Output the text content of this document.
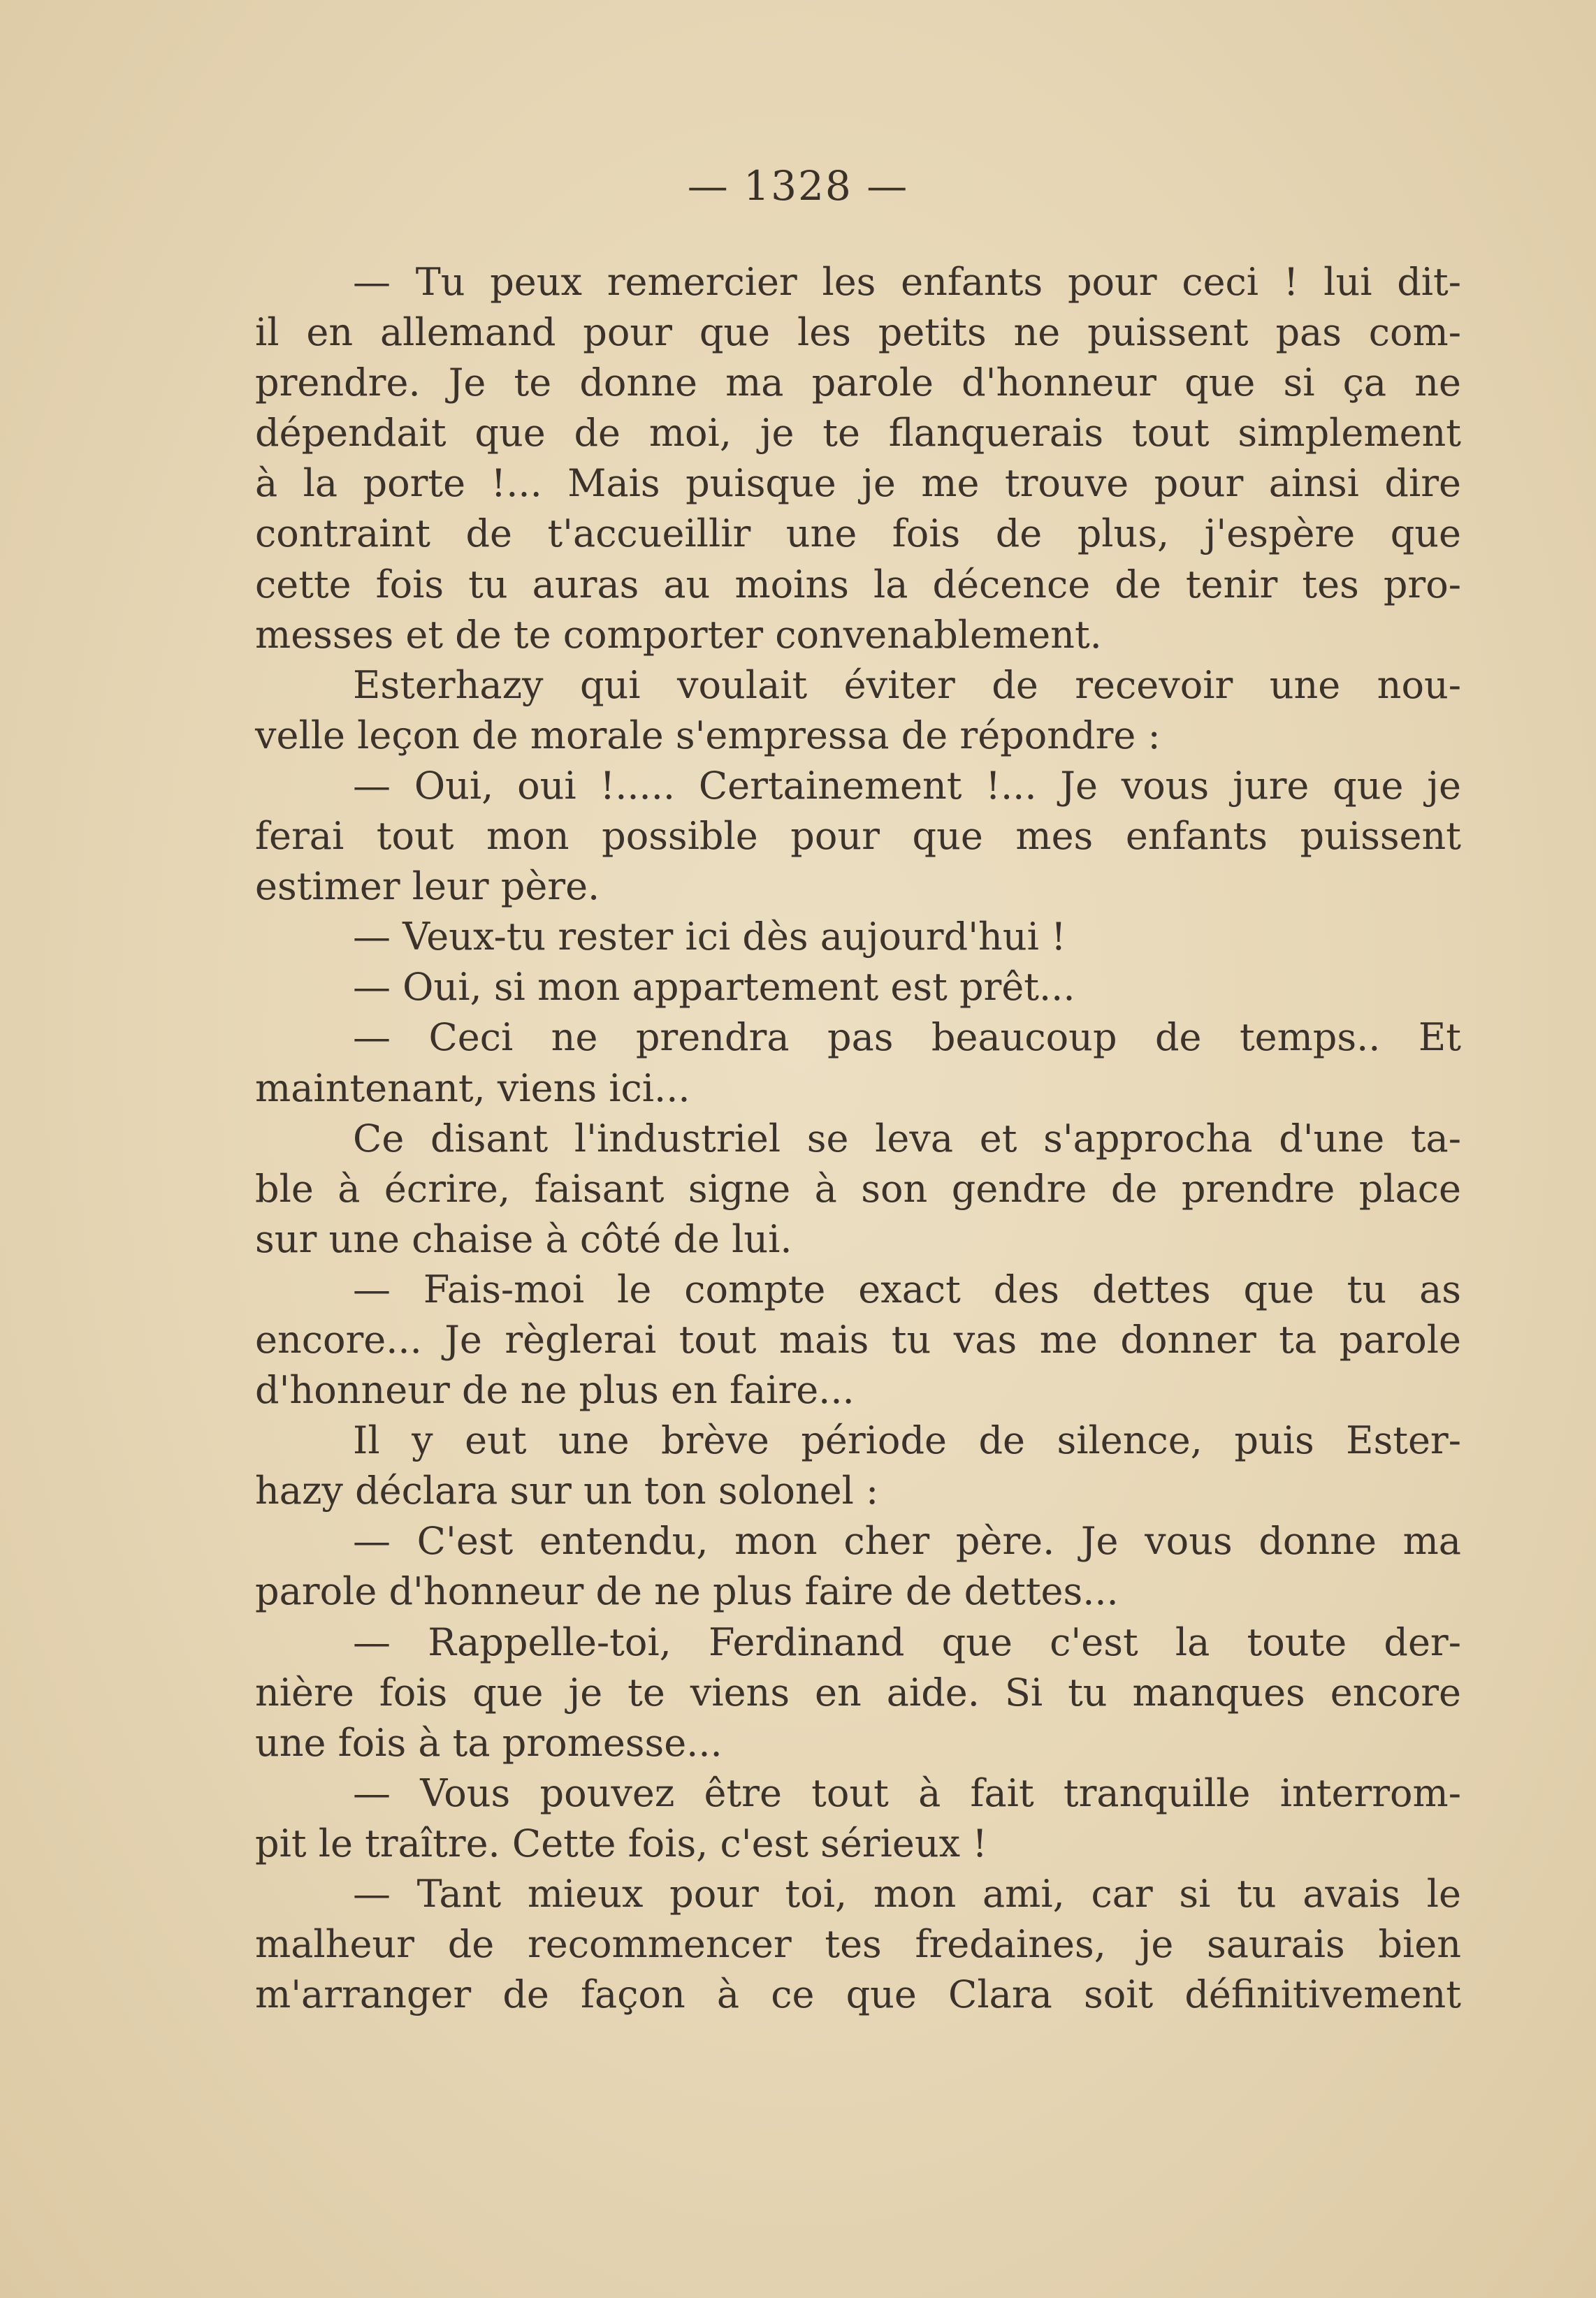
— 1328 —
— Tu peux remercier les enfants pour ceci ! lui dit-
il en allemand pour que les petits ne puissent pas com-
prendre. Je te donne ma parole d'honneur que si ça ne
dépendait que de moi, je te flanquerais tout simplement
à la porte !... Mais puisque je me trouve pour ainsi dire
contraint de t'accueillir une fois de plus, j'espère que
cette fois tu auras au moins la décence de tenir tes pro-
messes et de te comporter convenablement.
Esterhazy qui voulait éviter de recevoir une nou-
velle leçon de morale s'empressa de répondre :
— Oui, oui !..... Certainement !... Je vous jure que je
ferai tout mon possible pour que mes enfants puissent
estimer leur père.
— Veux-tu rester ici dès aujourd'hui !
— Oui, si mon appartement est prêt...
— Ceci ne prendra pas beaucoup de temps.. Et
maintenant, viens ici...
Ce disant l'industriel se leva et s'approcha d'une ta-
ble à écrire, faisant signe à son gendre de prendre place
sur une chaise à côté de lui.
— Fais-moi le compte exact des dettes que tu as
encore... Je règlerai tout mais tu vas me donner ta parole
d'honneur de ne plus en faire...
Il y eut une brève période de silence, puis Ester-
hazy déclara sur un ton solonel :
— C'est entendu, mon cher père. Je vous donne ma
parole d'honneur de ne plus faire de dettes...
— Rappelle-toi, Ferdinand que c'est la toute der-
nière fois que je te viens en aide. Si tu manques encore
une fois à ta promesse...
— Vous pouvez être tout à fait tranquille interrom-
pit le traître. Cette fois, c'est sérieux !
— Tant mieux pour toi, mon ami, car si tu avais le
malheur de recommencer tes fredaines, je saurais bien
m'arranger de façon à ce que Clara soit définitivement
